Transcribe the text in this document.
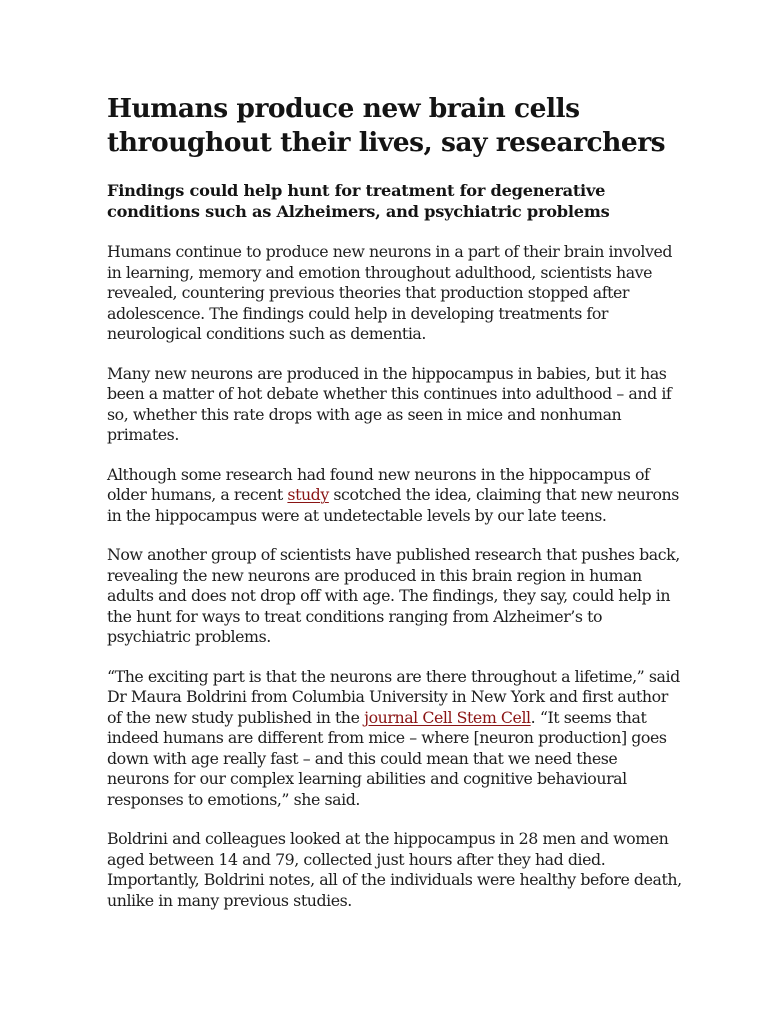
Humans produce new brain cells throughout their lives, say researchers
Findings could help hunt for treatment for degenerative conditions such as Alzheimers, and psychiatric problems

Humans continue to produce new neurons in a part of their brain involved in learning, memory and emotion throughout adulthood, scientists have revealed, countering previous theories that production stopped after adolescence. The findings could help in developing treatments for neurological conditions such as dementia.

Many new neurons are produced in the hippocampus in babies, but it has been a matter of hot debate whether this continues into adulthood – and if so, whether this rate drops with age as seen in mice and nonhuman primates.

Although some research had found new neurons in the hippocampus of older humans, a recent study scotched the idea, claiming that new neurons in the hippocampus were at undetectable levels by our late teens.

Now another group of scientists have published research that pushes back, revealing the new neurons are produced in this brain region in human adults and does not drop off with age. The findings, they say, could help in the hunt for ways to treat conditions ranging from Alzheimer’s to psychiatric problems.

“The exciting part is that the neurons are there throughout a lifetime,” said Dr Maura Boldrini from Columbia University in New York and first author of the new study published in the journal Cell Stem Cell. “It seems that indeed humans are different from mice – where [neuron production] goes down with age really fast – and this could mean that we need these neurons for our complex learning abilities and cognitive behavioural responses to emotions,” she said.

Boldrini and colleagues looked at the hippocampus in 28 men and women aged between 14 and 79, collected just hours after they had died. Importantly, Boldrini notes, all of the individuals were healthy before death, unlike in many previous studies.
